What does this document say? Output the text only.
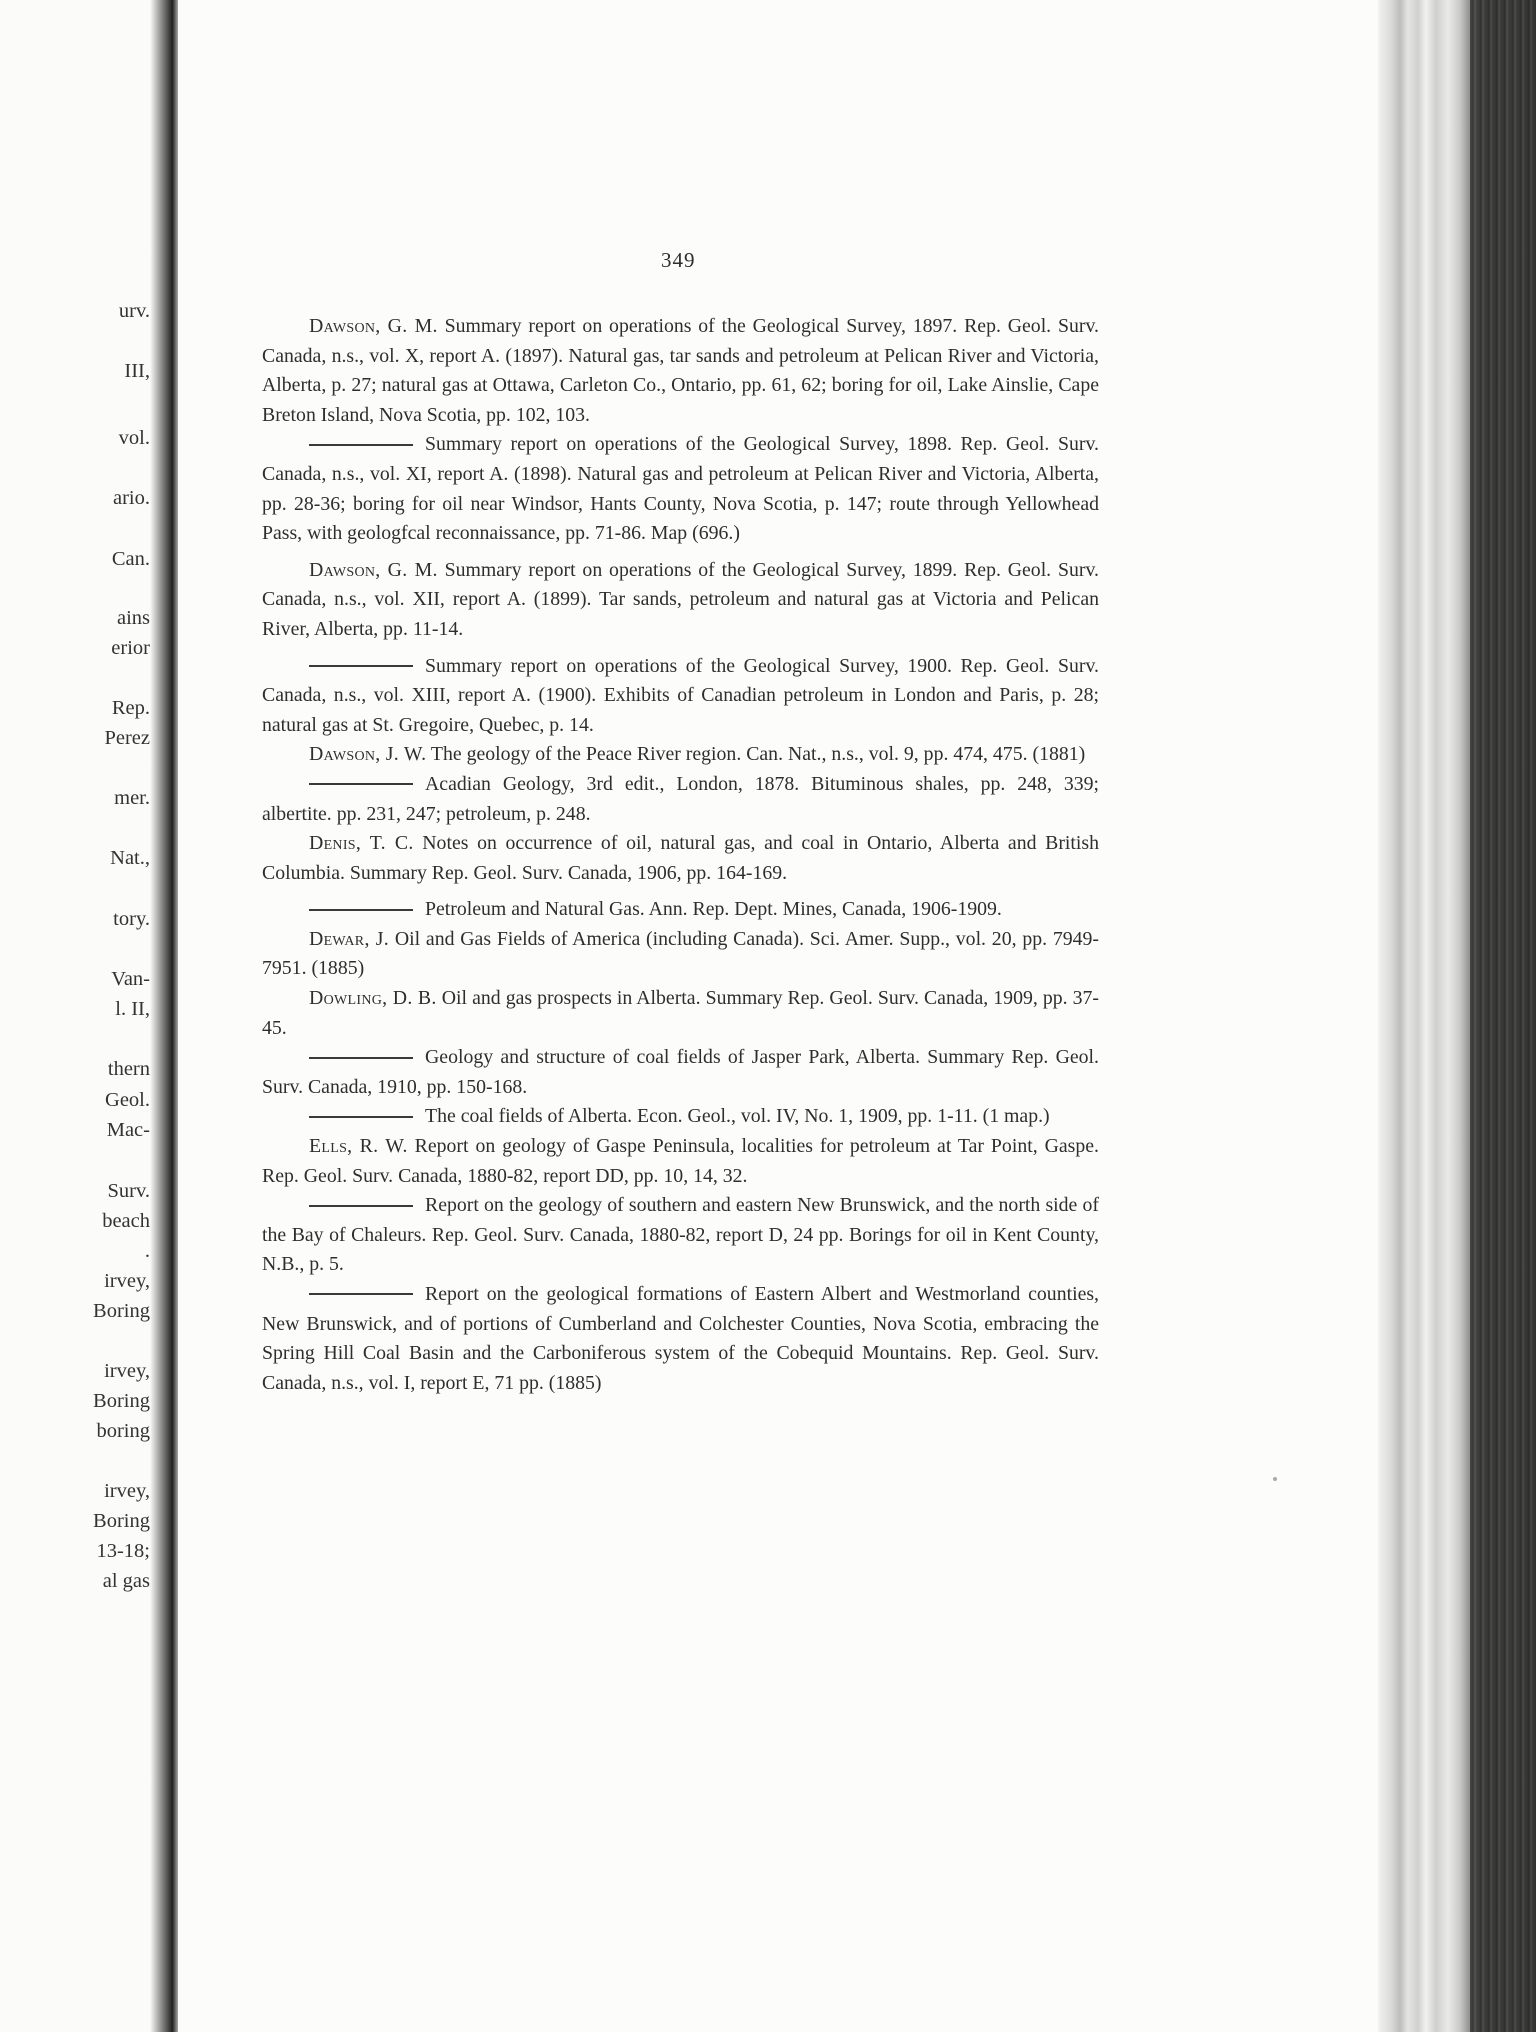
urv.
III,
vol.
ario.
Can.
ains
erior
Rep.
Perez
mer.
Nat.,
tory.
Van-
l. II,
thern
Geol.
Mac-
Surv.
beach
.
irvey,
Boring
irvey,
Boring
boring
irvey,
Boring
13-18;
al gas
349

Dawson, G. M. Summary report on operations of the Geological Survey, 1897. Rep. Geol. Surv. Canada, n.s., vol. X, report A. (1897). Natural gas, tar sands and petroleum at Pelican River and Victoria, Alberta, p. 27; natural gas at Ottawa, Carleton Co., Ontario, pp. 61, 62; boring for oil, Lake Ainslie, Cape Breton Island, Nova Scotia, pp. 102, 103.

Summary report on operations of the Geological Survey, 1898. Rep. Geol. Surv. Canada, n.s., vol. XI, report A. (1898). Natural gas and petroleum at Pelican River and Victoria, Alberta, pp. 28-36; boring for oil near Windsor, Hants County, Nova Scotia, p. 147; route through Yellowhead Pass, with geologfcal reconnaissance, pp. 71-86. Map (696.)

Dawson, G. M. Summary report on operations of the Geological Survey, 1899. Rep. Geol. Surv. Canada, n.s., vol. XII, report A. (1899). Tar sands, petroleum and natural gas at Victoria and Pelican River, Alberta, pp. 11-14.

Summary report on operations of the Geological Survey, 1900. Rep. Geol. Surv. Canada, n.s., vol. XIII, report A. (1900). Exhibits of Canadian petroleum in London and Paris, p. 28; natural gas at St. Gregoire, Quebec, p. 14.

Dawson, J. W. The geology of the Peace River region. Can. Nat., n.s., vol. 9, pp. 474, 475. (1881)

Acadian Geology, 3rd edit., London, 1878. Bituminous shales, pp. 248, 339; albertite. pp. 231, 247; petroleum, p. 248.

Denis, T. C. Notes on occurrence of oil, natural gas, and coal in Ontario, Alberta and British Columbia. Summary Rep. Geol. Surv. Canada, 1906, pp. 164-169.

Petroleum and Natural Gas. Ann. Rep. Dept. Mines, Canada, 1906-1909.

Dewar, J. Oil and Gas Fields of America (including Canada). Sci. Amer. Supp., vol. 20, pp. 7949-7951. (1885)

Dowling, D. B. Oil and gas prospects in Alberta. Summary Rep. Geol. Surv. Canada, 1909, pp. 37-45.

Geology and structure of coal fields of Jasper Park, Alberta. Summary Rep. Geol. Surv. Canada, 1910, pp. 150-168.

The coal fields of Alberta. Econ. Geol., vol. IV, No. 1, 1909, pp. 1-11. (1 map.)

Ells, R. W. Report on geology of Gaspe Peninsula, localities for petroleum at Tar Point, Gaspe. Rep. Geol. Surv. Canada, 1880-82, report DD, pp. 10, 14, 32.

Report on the geology of southern and eastern New Brunswick, and the north side of the Bay of Chaleurs. Rep. Geol. Surv. Canada, 1880-82, report D, 24 pp. Borings for oil in Kent County, N.B., p. 5.

Report on the geological formations of Eastern Albert and Westmorland counties, New Brunswick, and of portions of Cumberland and Colchester Counties, Nova Scotia, embracing the Spring Hill Coal Basin and the Carboniferous system of the Cobequid Mountains. Rep. Geol. Surv. Canada, n.s., vol. I, report E, 71 pp. (1885)
